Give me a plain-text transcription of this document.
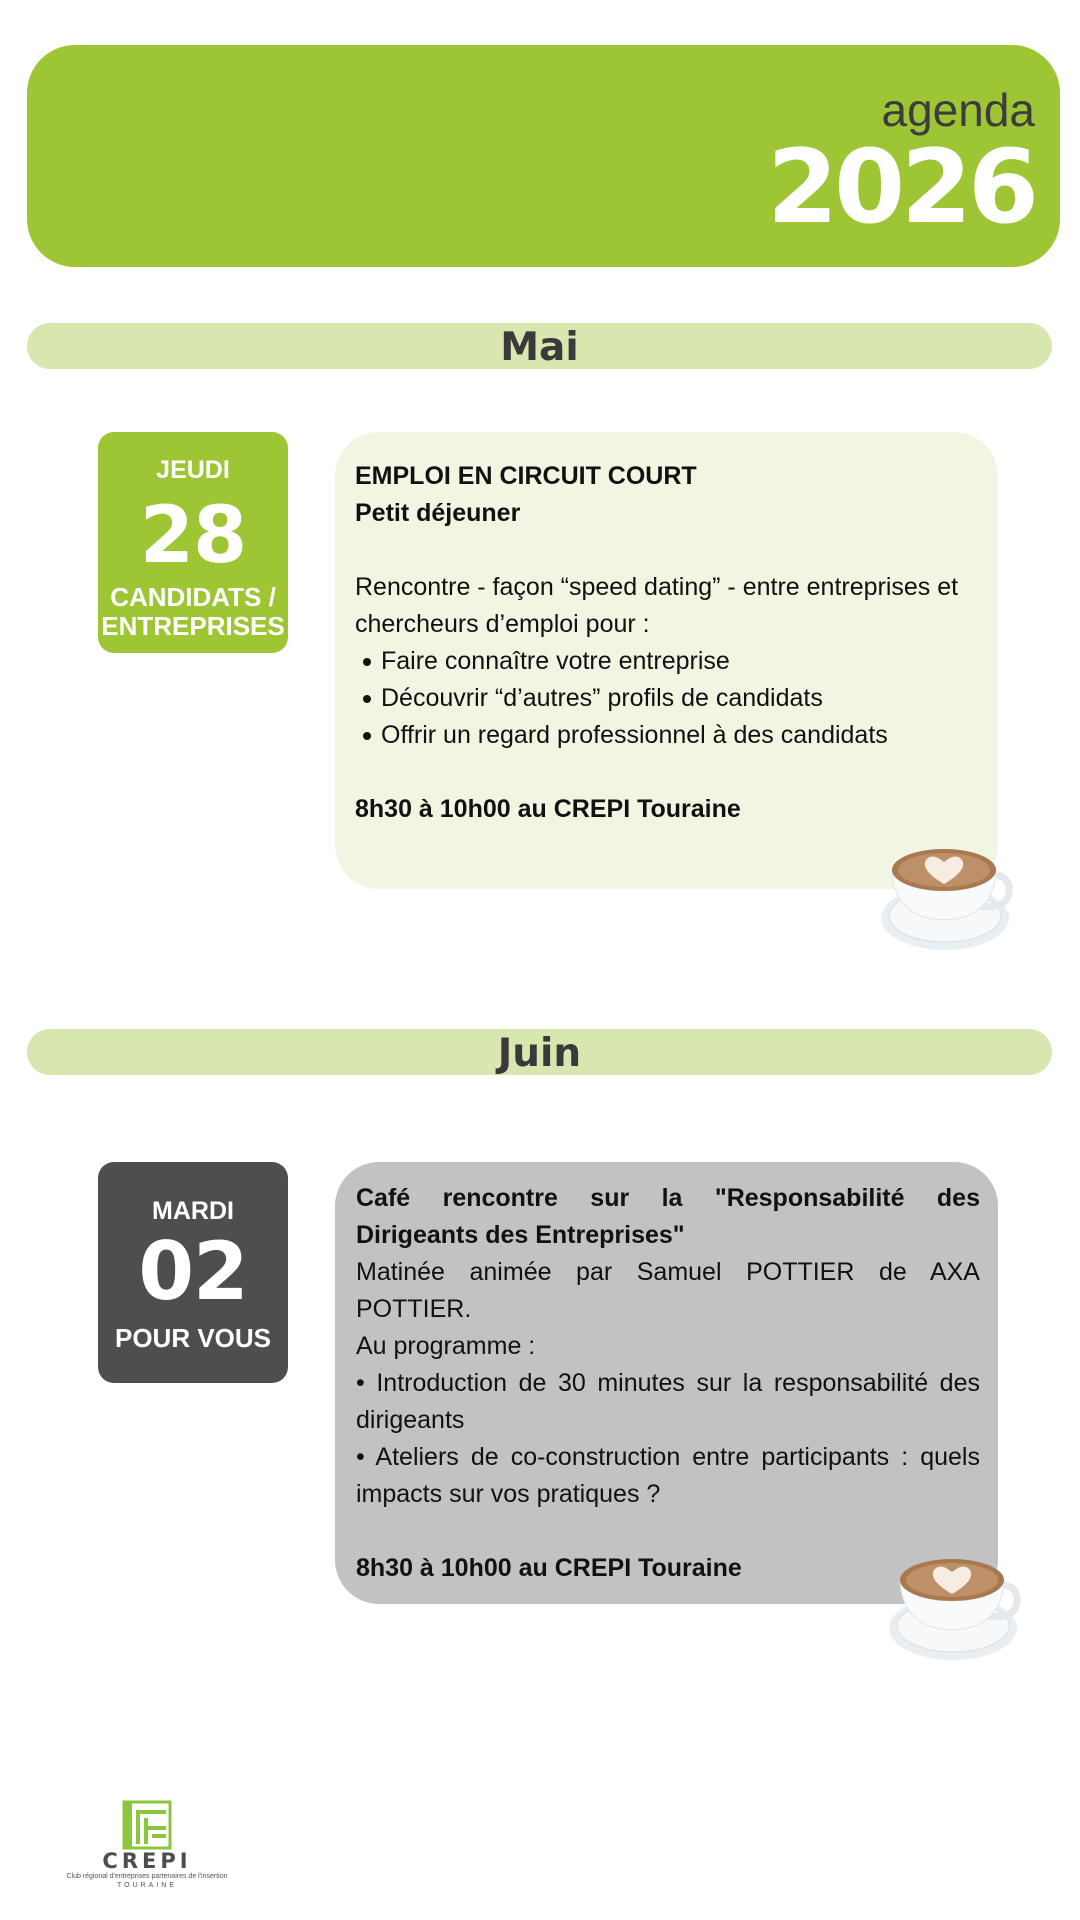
agenda
2026
Mai
JEUDI
28
CANDIDATS /
ENTREPRISES
EMPLOI EN CIRCUIT COURT
Petit déjeuner
Rencontre - façon “speed dating” - entre entreprises et chercheurs d’emploi pour :
Faire connaître votre entreprise
Découvrir “d’autres” profils de candidats
Offrir un regard professionnel à des candidats
8h30 à 10h00 au CREPI Touraine
Juin
MARDI
02
POUR VOUS
Café rencontre sur la "Responsabilité des Dirigeants des Entreprises"
Matinée animée par Samuel POTTIER de AXA POTTIER.
Au programme :
• Introduction de 30 minutes sur la responsabilité des dirigeants
• Ateliers de co-construction entre participants : quels impacts sur vos pratiques ?
8h30 à 10h00 au CREPI Touraine
CREPI
Club régional d'entreprises partenaires de l'insertion
TOURAINE
